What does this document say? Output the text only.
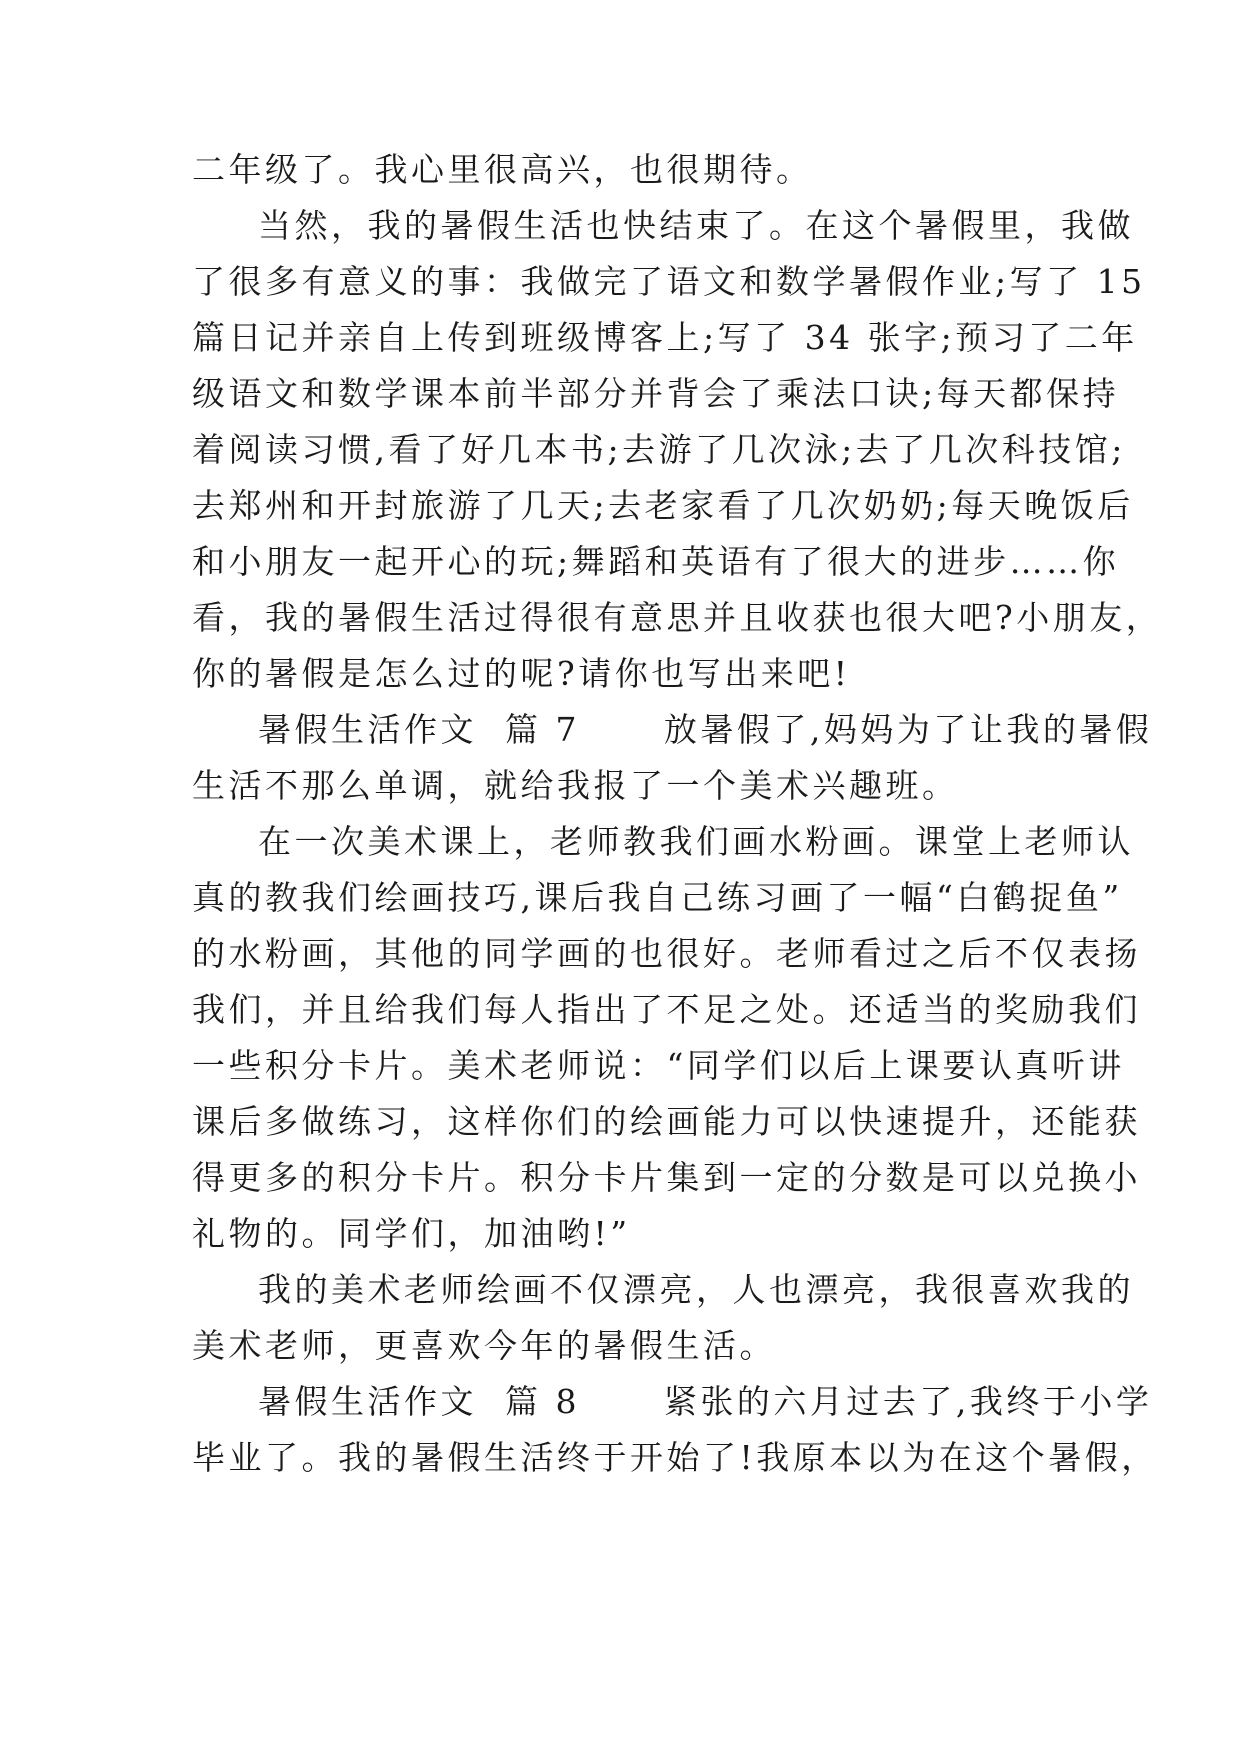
二年级了。我心里很高兴，也很期待。
当然，我的暑假生活也快结束了。在这个暑假里，我做
了很多有意义的事：我做完了语文和数学暑假作业;写了 15
篇日记并亲自上传到班级博客上;写了 34 张字;预习了二年
级语文和数学课本前半部分并背会了乘法口诀;每天都保持
着阅读习惯,看了好几本书;去游了几次泳;去了几次科技馆;
去郑州和开封旅游了几天;去老家看了几次奶奶;每天晚饭后
和小朋友一起开心的玩;舞蹈和英语有了很大的进步……你
看，我的暑假生活过得很有意思并且收获也很大吧?小朋友，
你的暑假是怎么过的呢?请你也写出来吧!
暑假生活作文  篇 7      放暑假了,妈妈为了让我的暑假
生活不那么单调，就给我报了一个美术兴趣班。
在一次美术课上，老师教我们画水粉画。课堂上老师认
真的教我们绘画技巧,课后我自己练习画了一幅“白鹤捉鱼”
的水粉画，其他的同学画的也很好。老师看过之后不仅表扬
我们，并且给我们每人指出了不足之处。还适当的奖励我们
一些积分卡片。美术老师说：“同学们以后上课要认真听讲
课后多做练习，这样你们的绘画能力可以快速提升，还能获
得更多的积分卡片。积分卡片集到一定的分数是可以兑换小
礼物的。同学们，加油哟!”
我的美术老师绘画不仅漂亮，人也漂亮，我很喜欢我的
美术老师，更喜欢今年的暑假生活。
暑假生活作文  篇 8      紧张的六月过去了,我终于小学
毕业了。我的暑假生活终于开始了!我原本以为在这个暑假，
